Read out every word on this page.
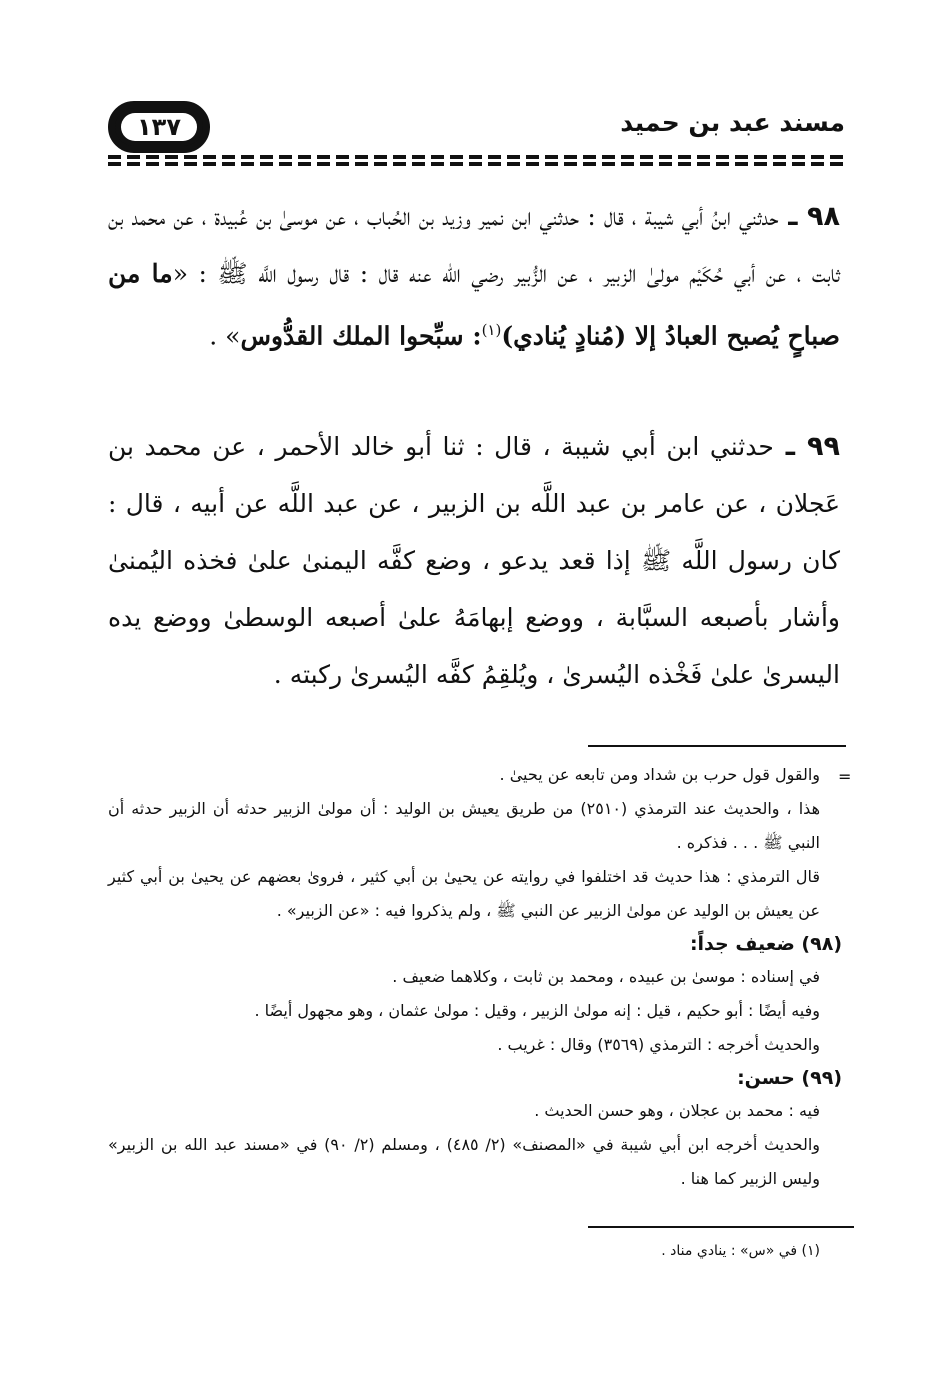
١٣٧	مسند عبد بن حميد
٩٨ ـ حدثني ابنُ أبي شيبة ، قال : حدثني ابن نمير وزيد بن الحُباب ، عن موسىٰ بن عُبيدة ، عن محمد بن ثابت ، عن أبي حُكَيْم مولىٰ الزبير ، عن الزُّبير رضي الله عنه قال : قال رسول اللَّه ﷺ : «ما من صباحٍ يُصبح العبادُ إلا (مُنادٍ يُنادي)$^{(١)}$: سبِّحوا الملك القدُّوس» .
٩٩ ـ حدثني ابن أبي شيبة ، قال : ثنا أبو خالد الأحمر ، عن محمد بن عَجلان ، عن عامر بن عبد اللَّه بن الزبير ، عن عبد اللَّه عن أبيه ، قال : كان رسول اللَّه ﷺ إذا قعد يدعو ، وضع كفَّه اليمنىٰ علىٰ فخذه اليُمنىٰ وأشار بأصبعه السبَّابة ، ووضع إبهامَهُ علىٰ أصبعه الوسطىٰ ووضع يده اليسرىٰ علىٰ فَخْذه اليُسرىٰ ، ويُلقِمُ كفَّه اليُسرىٰ ركبته .
=

والقول قول حرب بن شداد ومن تابعه عن يحيىٰ .

هذا ، والحديث عند الترمذي (٢٥١٠) من طريق يعيش بن الوليد : أن مولىٰ الزبير حدثه أن الزبير حدثه أن النبي ﷺ . . . فذكره .

قال الترمذي : هذا حديث قد اختلفوا في روايته عن يحيىٰ بن أبي كثير ، فروىٰ بعضهم عن يحيىٰ بن أبي كثير عن يعيش بن الوليد عن مولىٰ الزبير عن النبي ﷺ ، ولم يذكروا فيه : «عن الزبير» .

(٩٨) ضعيف جداً:

في إسناده : موسىٰ بن عبيده ، ومحمد بن ثابت ، وكلاهما ضعيف .

وفيه أيضًا : أبو حكيم ، قيل : إنه مولىٰ الزبير ، وقيل : مولىٰ عثمان ، وهو مجهول أيضًا .

والحديث أخرجه : الترمذي (٣٥٦٩) وقال : غريب .

(٩٩) حسن:

فيه : محمد بن عجلان ، وهو حسن الحديث .

والحديث أخرجه ابن أبي شيبة في «المصنف» (٢/ ٤٨٥) ، ومسلم (٢/ ٩٠) في «مسند عبد الله بن الزبير» وليس الزبير كما هنا .

(١) في «س» : ينادي مناد .
